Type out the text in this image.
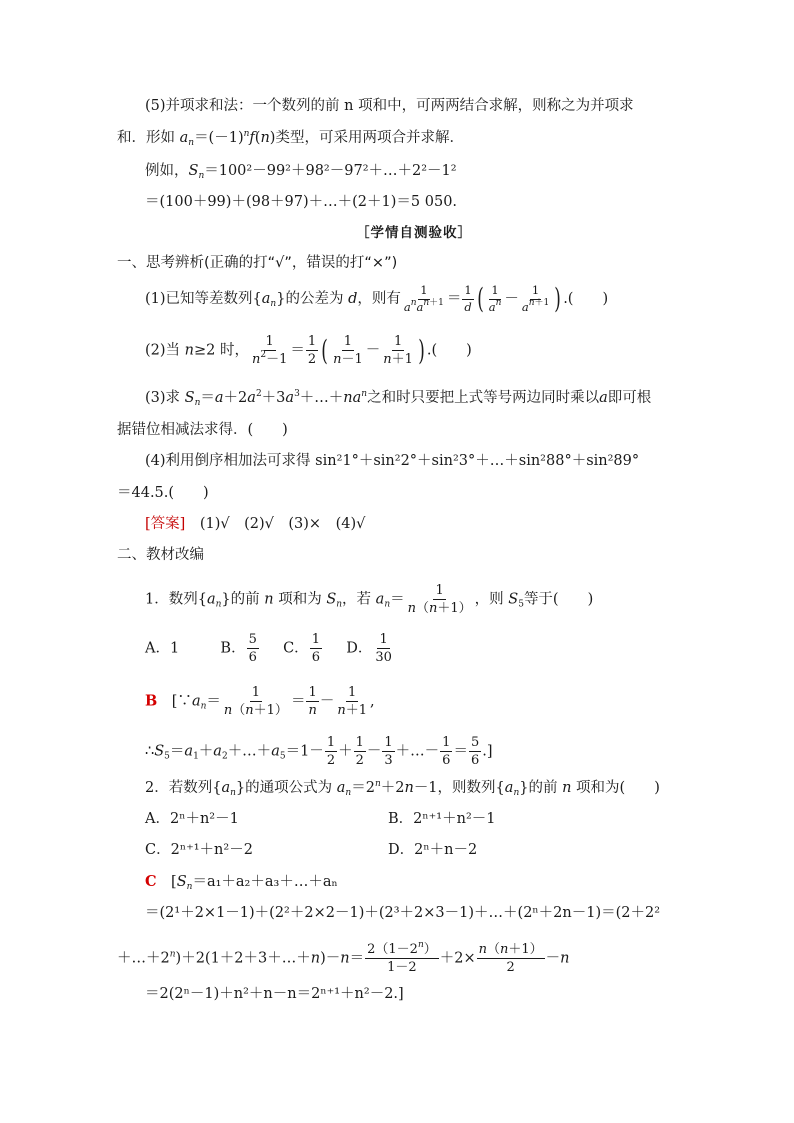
(5)并项求和法：一个数列的前 n 项和中，可两两结合求解，则称之为并项求
和．形如 $a_n=(-1)^nf(n)$类型，可采用两项合并求解．
例如，$S_n=100^2-99^2+98^2-97^2+\dots+2^2-1^2$
＝(100＋99)＋(98＋97)＋…＋(2＋1)＝5 050.
［学情自测验收］
一、思考辨析(正确的打“√”，错误的打“×”)
(1)已知等差数列$\{a_n\}$的公差为 d，则有 $\frac{1}{a^na^{n+1}} = \frac{1}{d}$ ( $\frac{1}{a^n} - \frac{1}{a^{n+1}}$ ) .(　　)
(2)当 n≥2 时， $\frac{1}{n^2-1} = \frac{1}{2}$ ( $\frac{1}{n-1} - \frac{1}{n+1}$ ) .(　　)
(3)求 $S_n=a+2a^2+3a^3+\dots+na^n$之和时只要把上式等号两边同时乘以a即可根
据错位相减法求得．(　　)
(4)利用倒序相加法可求得 sin²1°＋sin²2°＋sin²3°＋…＋sin²88°＋sin²89°
＝44.5.(　　)
[答案]　 (1)√　(2)√　(3)×　(4)√
二、教材改编
1．数列$\{a_n\}$的前 n 项和为 $S_n$，若 $a_n= \frac{1}{n(n+1)}$ ，则 $S_5$等于(　　)
A．1	B． $\frac{5}{6}$ C． $\frac{1}{6}$ D． $\frac{1}{30}$
B　[$\because a_n= \frac{1}{n(n+1)} = \frac{1}{n} - \frac{1}{n+1}$ ,
$\therefore S_5=a_1+a_2+\dots+a_5=1- \frac{1}{2} + \frac{1}{2} - \frac{1}{3}$ ＋…－ $\frac{1}{6} = \frac{5}{6}$ .]
2．若数列$\{a_n\}$的通项公式为 $a_n=2^n+2n-1$，则数列$\{a_n\}$的前 n 项和为(　　)
A．2ⁿ＋n²－1	B．2ⁿ⁺¹＋n²－1
C．2ⁿ⁺¹＋n²－2	D．2ⁿ＋n－2
C　[$S_n=a_1+a_2+a_3+\dots+a_n$
＝(2¹＋2×1－1)＋(2²＋2×2－1)＋(2³＋2×3－1)＋…＋(2ⁿ＋2n－1)＝(2＋2²
$+\dots+2^n)+2(1+2+3+\dots+n)-n= \frac{2(1-2^n)}{1-2} +2\times \frac{n(n+1)}{2} -n$
＝2(2ⁿ－1)＋n²＋n－n＝2ⁿ⁺¹＋n²－2.]
